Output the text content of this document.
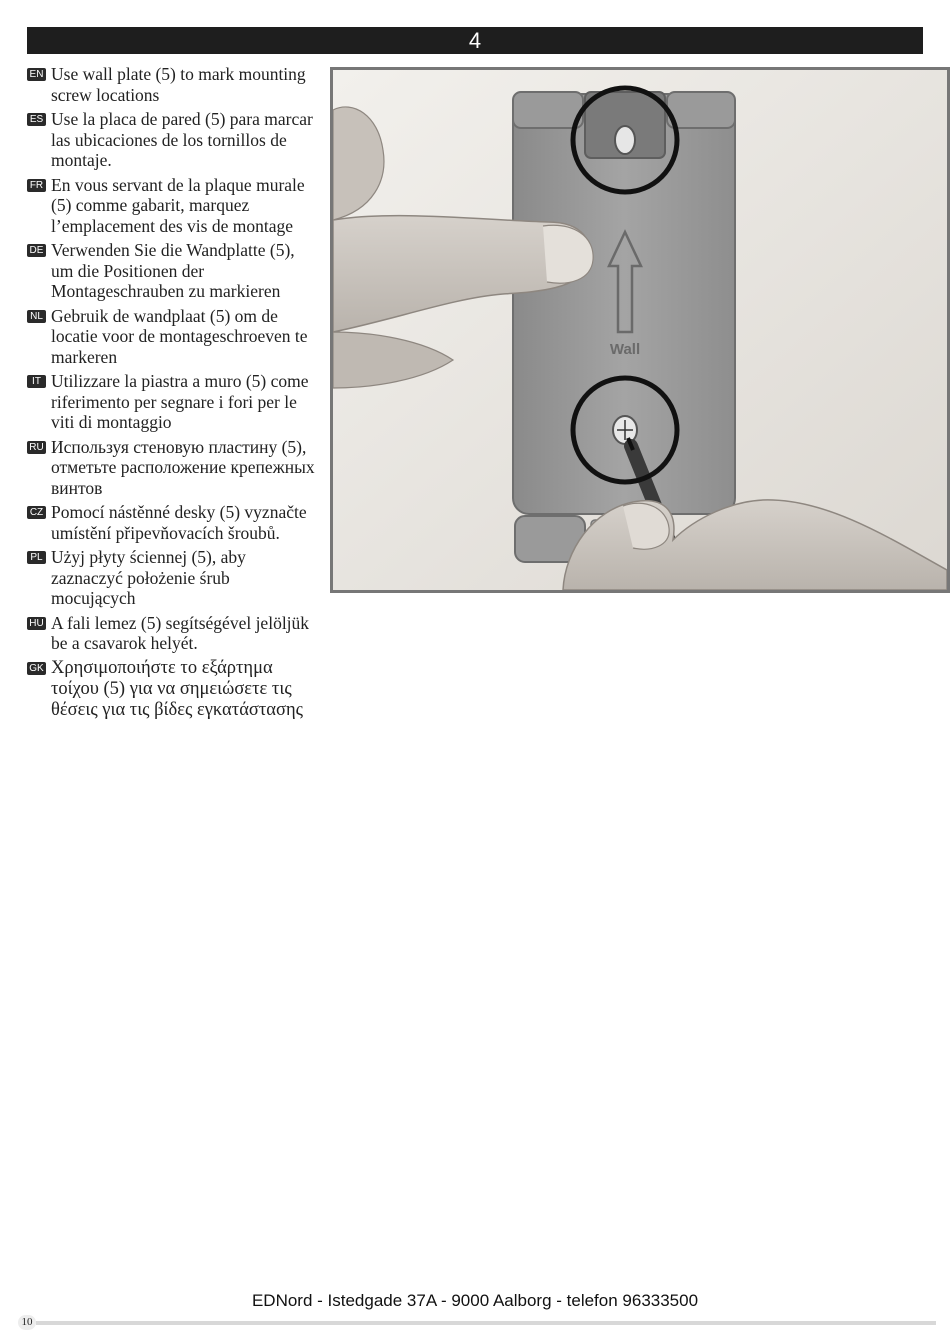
4
EN Use wall plate (5) to mark mounting screw locations
ES Use la placa de pared (5) para marcar las ubicaciones de los tornillos de montaje.
FR En vous servant de la plaque murale (5) comme gabarit, marquez l’emplacement des vis de montage
DE Verwenden Sie die Wandplatte (5), um die Positionen der Montageschrauben zu markieren
NL Gebruik de wandplaat (5) om de locatie voor de montageschroeven te markeren
IT Utilizzare la piastra a muro (5) come riferimento per segnare i fori per le viti di montaggio
RU Используя стеновую пластину (5), отметьте расположение крепежных винтов
CZ Pomocí nástěnné desky (5) vyznačte umístění připevňovacích šroubů.
PL Użyj płyty ściennej (5), aby zaznaczyć położenie śrub mocujących
HU A fali lemez (5) segítségével jelöljük be a csavarok helyét.
GK Χρησιμοποιήστε το εξάρτημα τοίχου (5) για να σημειώσετε τις θέσεις για τις βίδες εγκατάστασης
Wall
EDNord - Istedgade 37A - 9000 Aalborg - telefon 96333500
10
